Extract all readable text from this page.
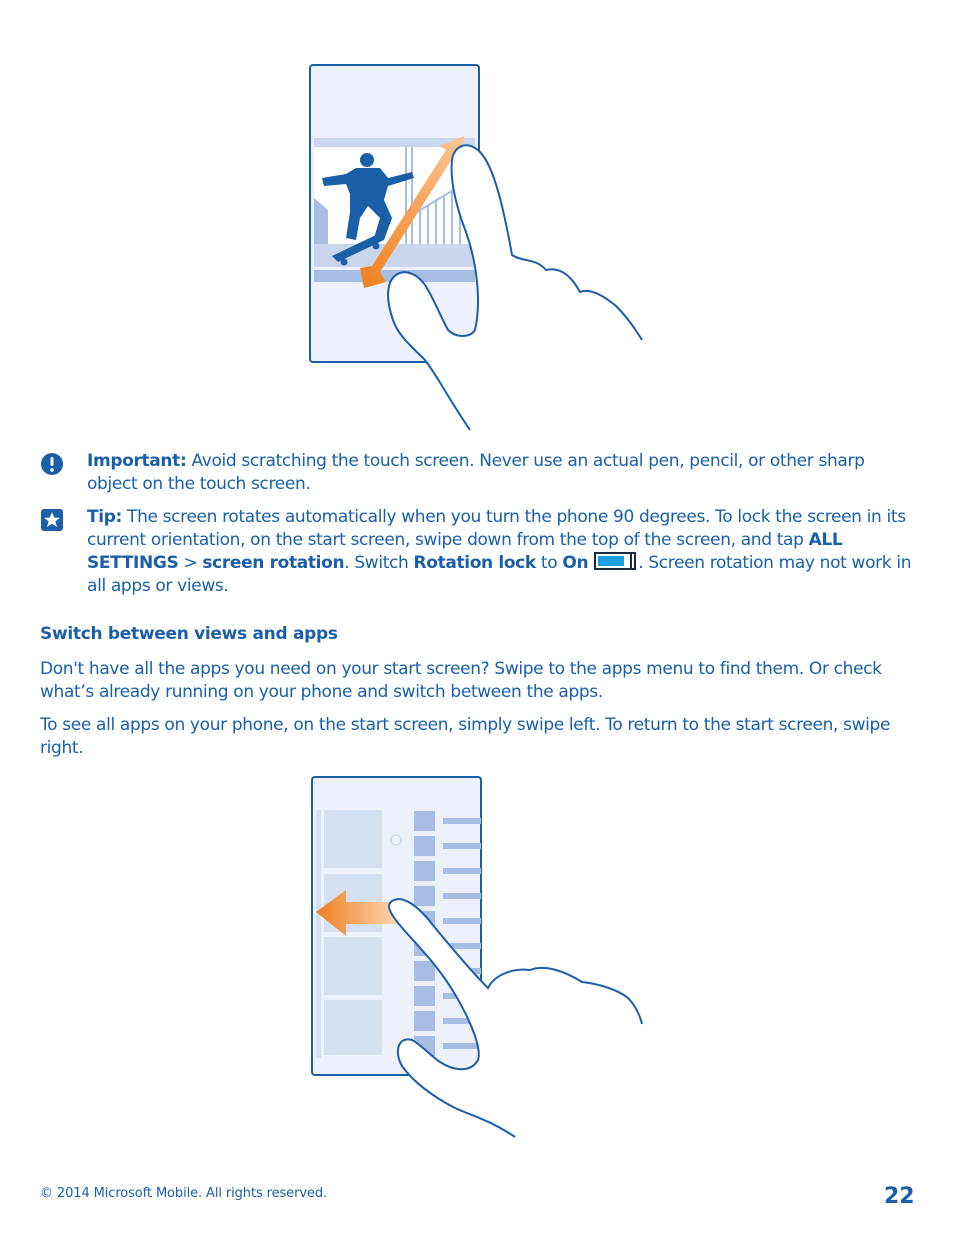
Important: Avoid scratching the touch screen. Never use an actual pen, pencil, or other sharp object on the touch screen.
Tip: The screen rotates automatically when you turn the phone 90 degrees. To lock the screen in its current orientation, on the start screen, swipe down from the top of the screen, and tap ALL SETTINGS > screen rotation. Switch Rotation lock to On	. Screen rotation may not work in all apps or views.
Switch between views and apps
Don't have all the apps you need on your start screen? Swipe to the apps menu to find them. Or check what’s already running on your phone and switch between the apps.
To see all apps on your phone, on the start screen, simply swipe left. To return to the start screen, swipe right.
© 2014 Microsoft Mobile. All rights reserved.	22
